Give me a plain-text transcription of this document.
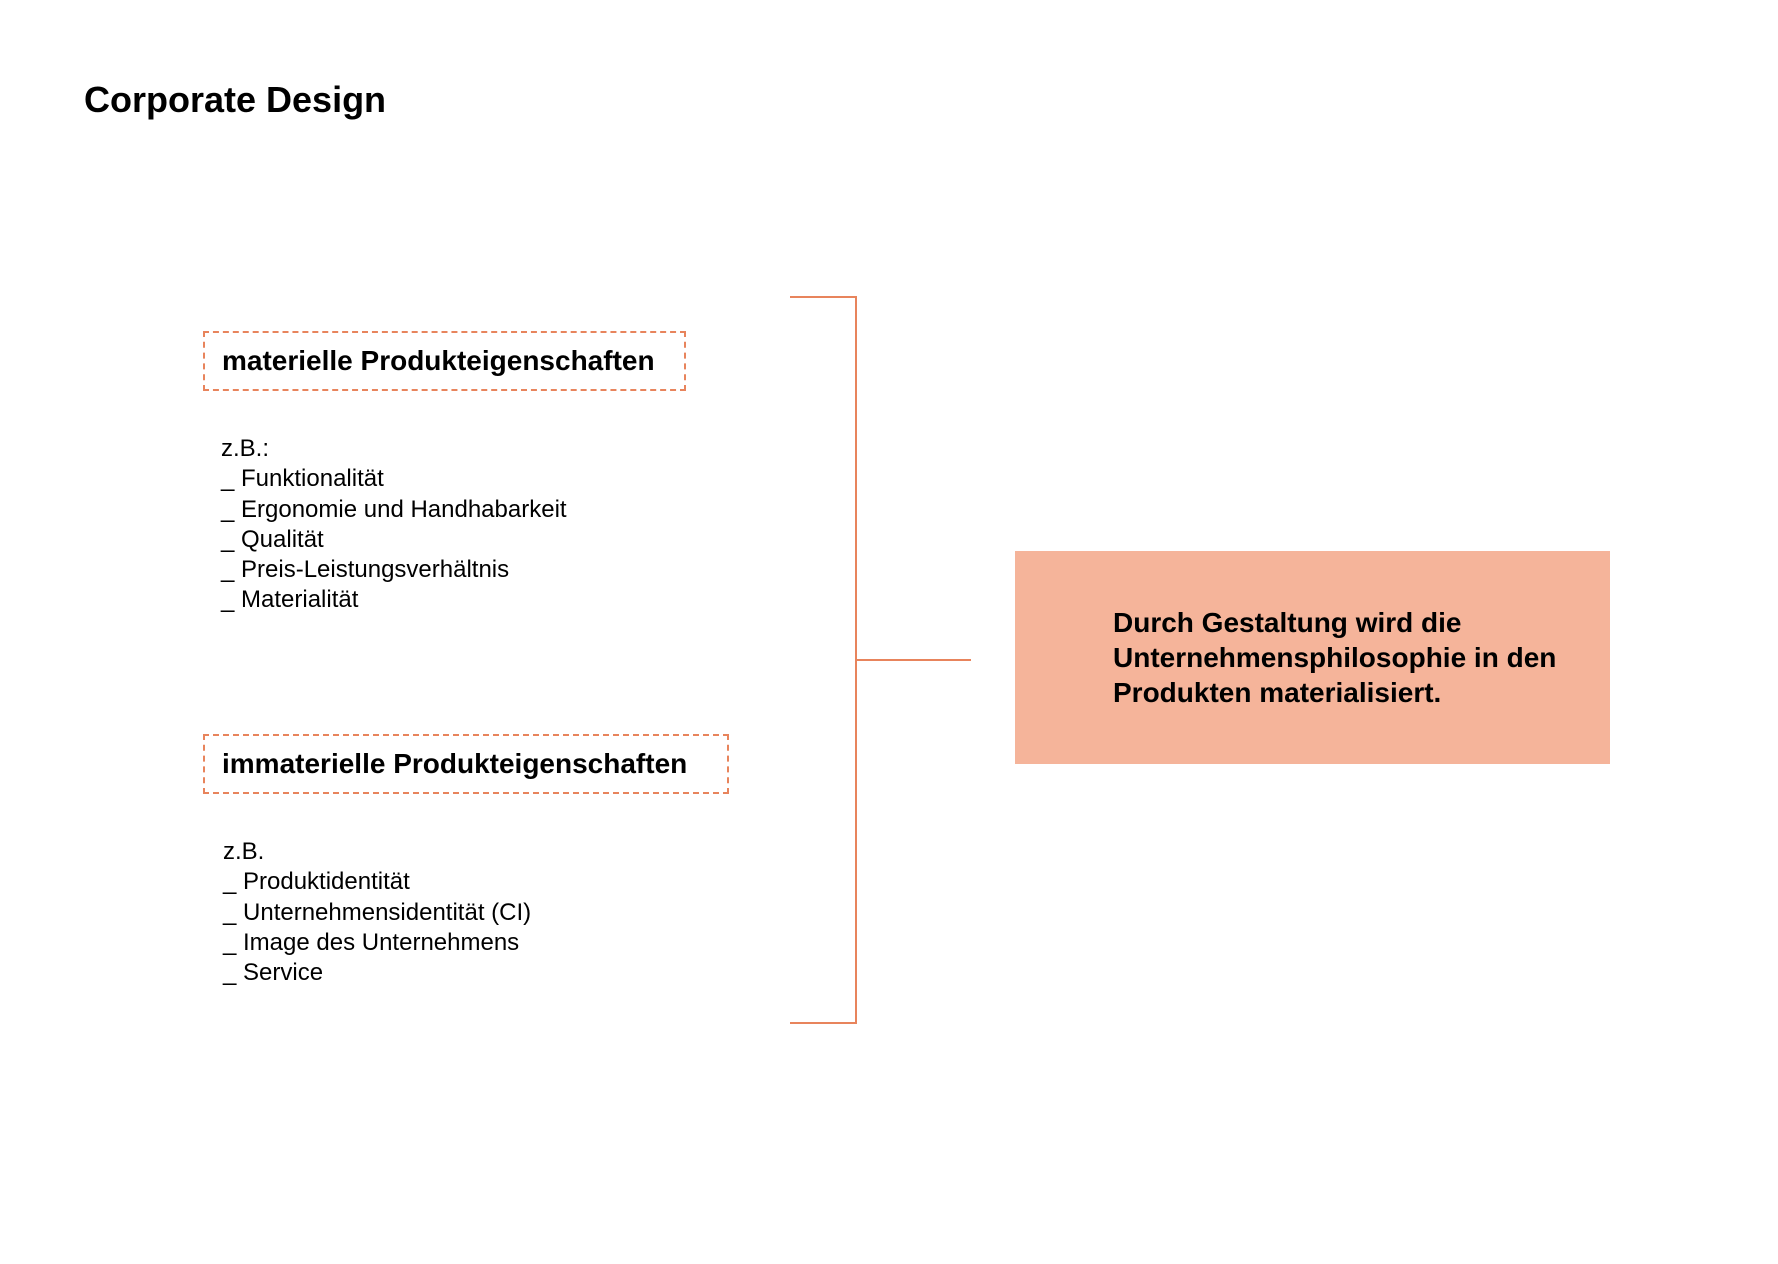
Corporate Design
materielle Produkteigenschaften
z.B.:
_ Funktionalität
_ Ergonomie und Handhabarkeit
_ Qualität
_ Preis-Leistungsverhältnis
_ Materialität
immaterielle Produkteigenschaften
z.B.
_ Produktidentität
_ Unternehmensidentität (CI)
_ Image des Unternehmens
_ Service

Durch Gestaltung wird die Unternehmensphilosophie in den Produkten materialisiert.
